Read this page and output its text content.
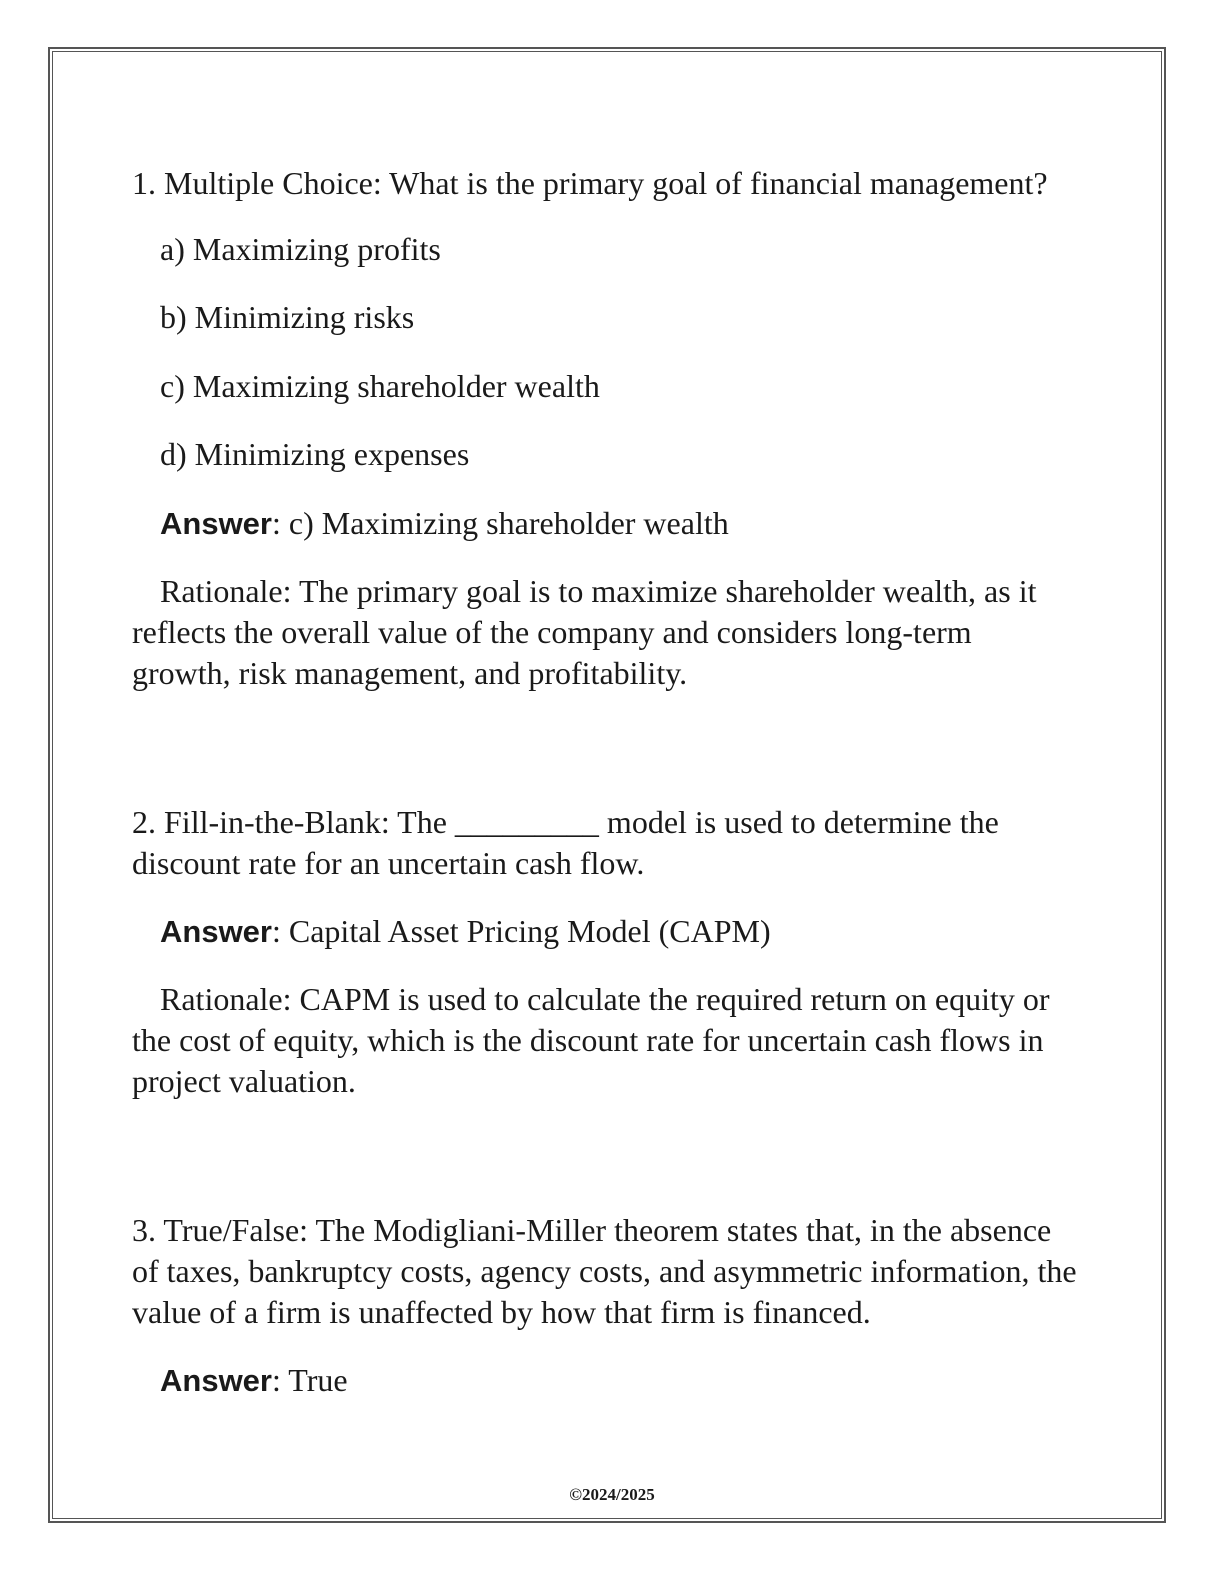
1. Multiple Choice: What is the primary goal of financial management?

a) Maximizing profits

b) Minimizing risks

c) Maximizing shareholder wealth

d) Minimizing expenses

Answer: c) Maximizing shareholder wealth

Rationale: The primary goal is to maximize shareholder wealth, as it reflects the overall value of the company and considers long-term growth, risk management, and profitability.

2. Fill-in-the-Blank: The _________ model is used to determine the discount rate for an uncertain cash flow.

Answer: Capital Asset Pricing Model (CAPM)

Rationale: CAPM is used to calculate the required return on equity or the cost of equity, which is the discount rate for uncertain cash flows in project valuation.

3. True/False: The Modigliani-Miller theorem states that, in the absence of taxes, bankruptcy costs, agency costs, and asymmetric information, the value of a firm is unaffected by how that firm is financed.

Answer: True

©2024/2025
